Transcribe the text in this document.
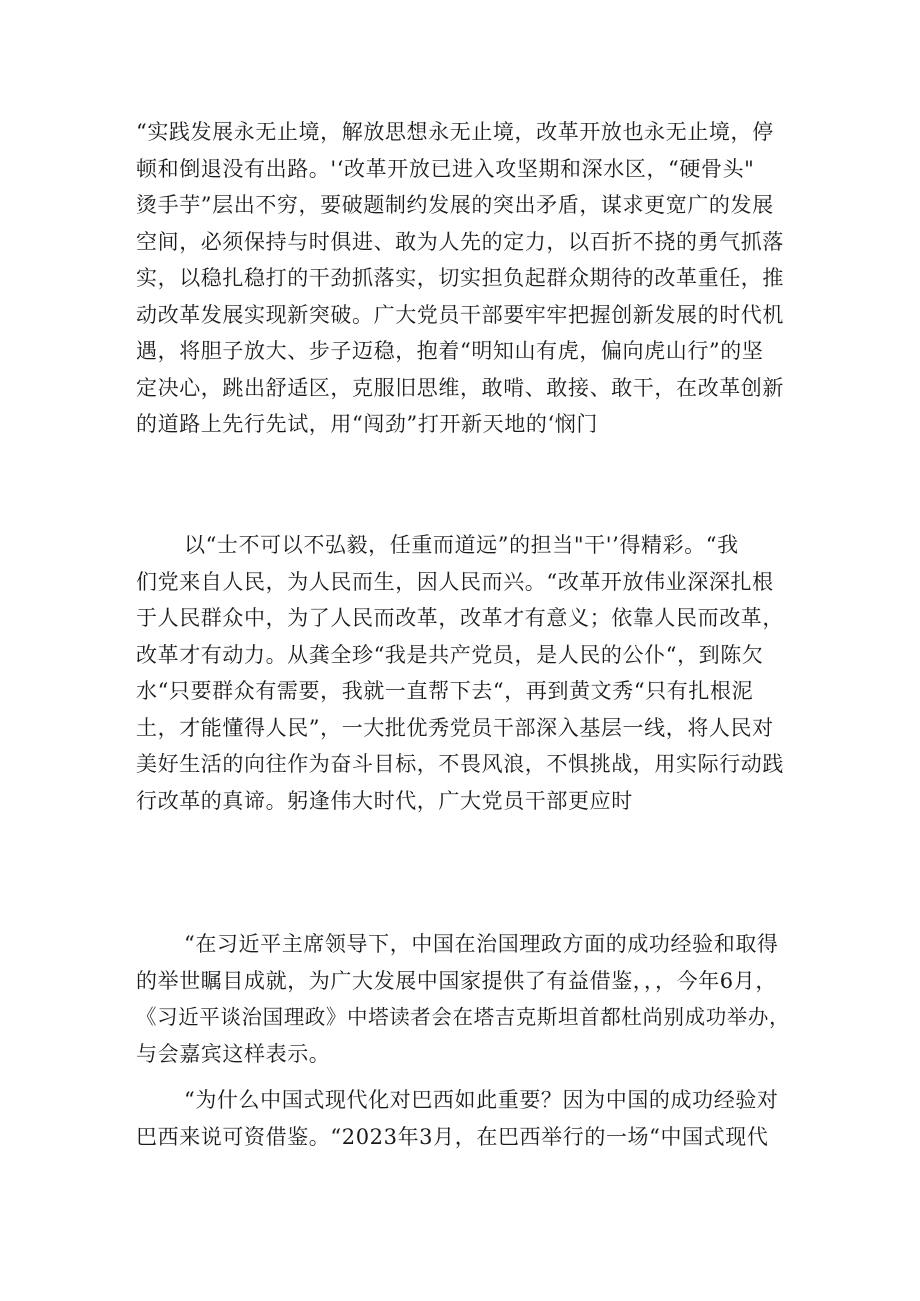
“实践发展永无止境，解放思想永无止境，改革开放也永无止境，停
顿和倒退没有出路。'‘改革开放已进入攻坚期和深水区，“硬骨头"
烫手芋”层出不穷，要破题制约发展的突出矛盾，谋求更宽广的发展
空间，必须保持与时俱进、敢为人先的定力，以百折不挠的勇气抓落
实，以稳扎稳打的干劲抓落实，切实担负起群众期待的改革重任，推
动改革发展实现新突破。广大党员干部要牢牢把握创新发展的时代机
遇，将胆子放大、步子迈稳，抱着“明知山有虎，偏向虎山行”的坚
定决心，跳出舒适区，克服旧思维，敢啃、敢接、敢干，在改革创新
的道路上先行先试，用“闯劲”打开新天地的‘悯门
以“士不可以不弘毅，任重而道远”的担当"干'’得精彩。“我
们党来自人民，为人民而生，因人民而兴。“改革开放伟业深深扎根
于人民群众中，为了人民而改革，改革才有意义；依靠人民而改革，
改革才有动力。从龚全珍“我是共产党员，是人民的公仆“，到陈欠
水“只要群众有需要，我就一直帮下去“，再到黄文秀“只有扎根泥
土，才能懂得人民”，一大批优秀党员干部深入基层一线，将人民对
美好生活的向往作为奋斗目标，不畏风浪，不惧挑战，用实际行动践
行改革的真谛。躬逢伟大时代，广大党员干部更应时
“在习近平主席领导下，中国在治国理政方面的成功经验和取得
的举世瞩目成就，为广大发展中国家提供了有益借鉴，，，今年6月，
《习近平谈治国理政》中塔读者会在塔吉克斯坦首都杜尚别成功举办，
与会嘉宾这样表示。
“为什么中国式现代化对巴西如此重要？因为中国的成功经验对
巴西来说可资借鉴。“2023年3月，在巴西举行的一场“中国式现代
